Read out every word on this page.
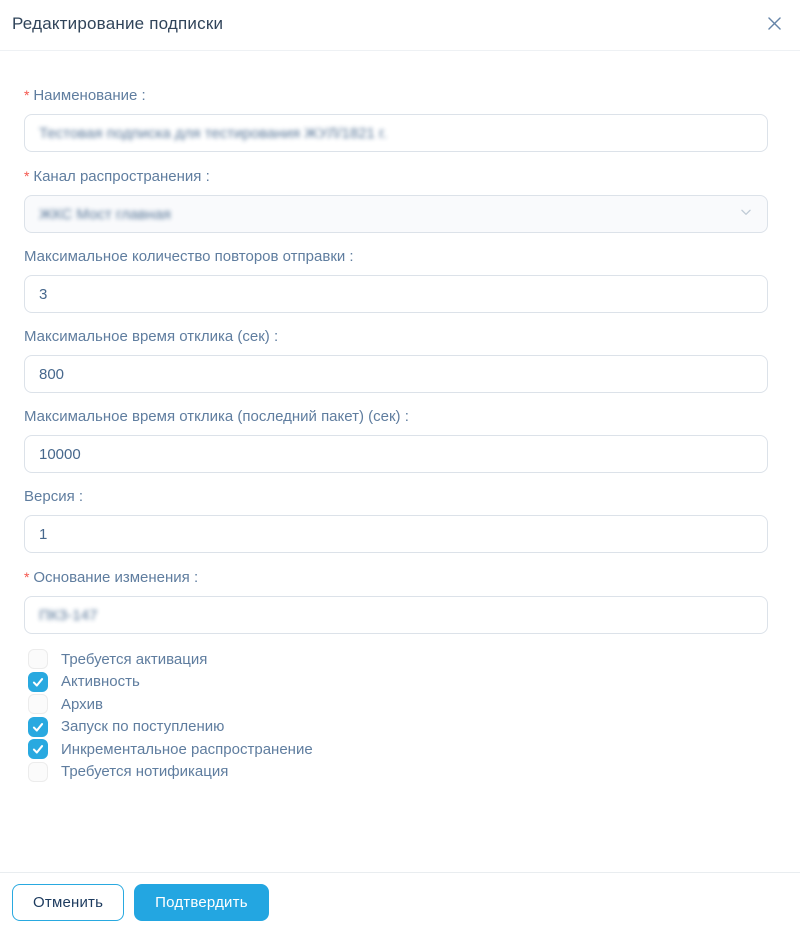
Редактирование подписки
* Наименование :
Тестовая подписка для тестирования ЖУЛ/1821 г.
* Канал распространения :
ЖКС Мост главная
Максимальное количество повторов отправки :
3
Максимальное время отклика (сек) :
800
Максимальное время отклика (последний пакет) (сек) :
10000
Версия :
1
* Основание изменения :
ПКЗ-147
Требуется активация
Активность
Архив
Запуск по поступлению
Инкрементальное распространение
Требуется нотификация
Отменить	Подтвердить
